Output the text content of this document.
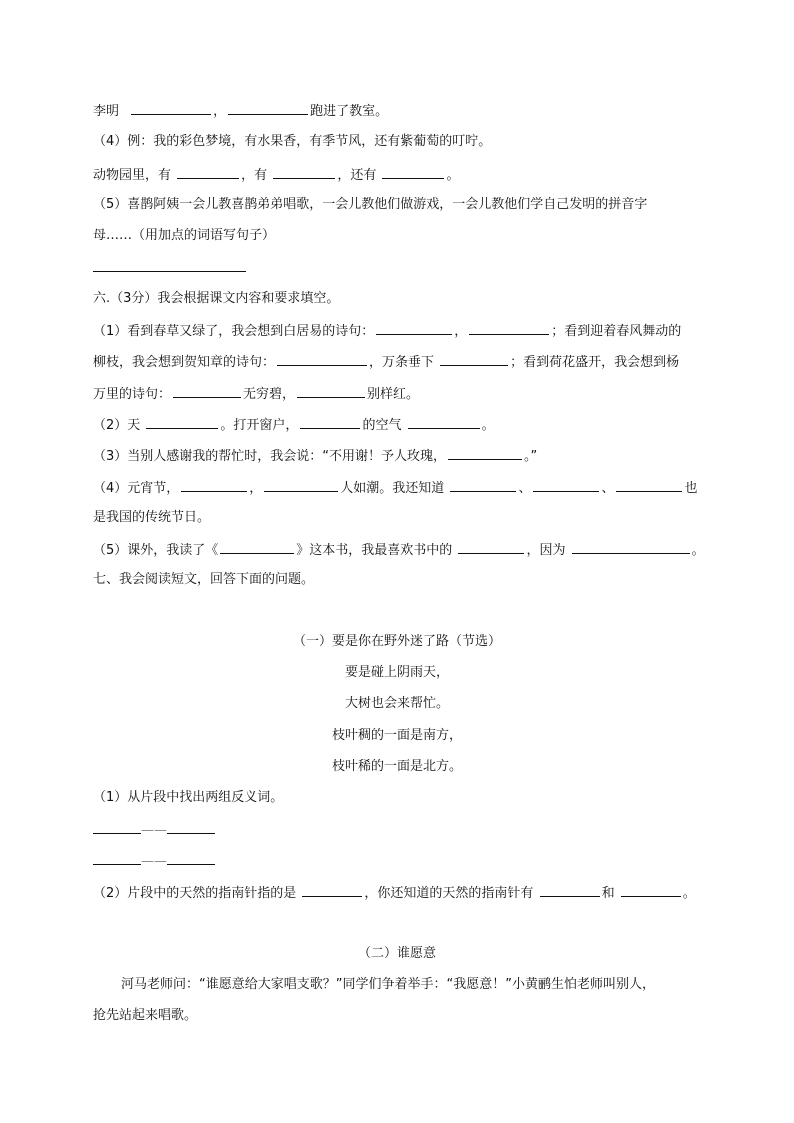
李明	，	跑进了教室。
（4）例：我的彩色梦境，有水果香，有季节风，还有紫葡萄的叮咛。
动物园里，有	，有	，还有	。
（5）喜鹊阿姨一会儿教喜鹊弟弟唱歌，一会儿教他们做游戏，一会儿教他们学自己发明的拼音字
母……（用加点的词语写句子）
六.（3分）我会根据课文内容和要求填空。
（1）看到春草又绿了，我会想到白居易的诗句：	，	；看到迎着春风舞动的
柳枝，我会想到贺知章的诗句：	，万条垂下	；看到荷花盛开，我会想到杨
万里的诗句：	无穷碧，	别样红。
（2）天	。打开窗户，	的空气	。
（3）当别人感谢我的帮忙时，我会说：“不用谢！予人玫瑰，	。”
（4）元宵节，	，	人如潮。我还知道	、	、	也
是我国的传统节日。
（5）课外，我读了《	》这本书，我最喜欢书中的	，因为	。
七、我会阅读短文，回答下面的问题。
（一）要是你在野外迷了路（节选）
要是碰上阴雨天，
大树也会来帮忙。
枝叶稠的一面是南方，
枝叶稀的一面是北方。
（1）从片段中找出两组反义词。
——
——
（2）片段中的天然的指南针指的是	，你还知道的天然的指南针有	和	。
（二）谁愿意
河马老师问：“谁愿意给大家唱支歌？”同学们争着举手：“我愿意！”小黄鹂生怕老师叫别人，
抢先站起来唱歌。
